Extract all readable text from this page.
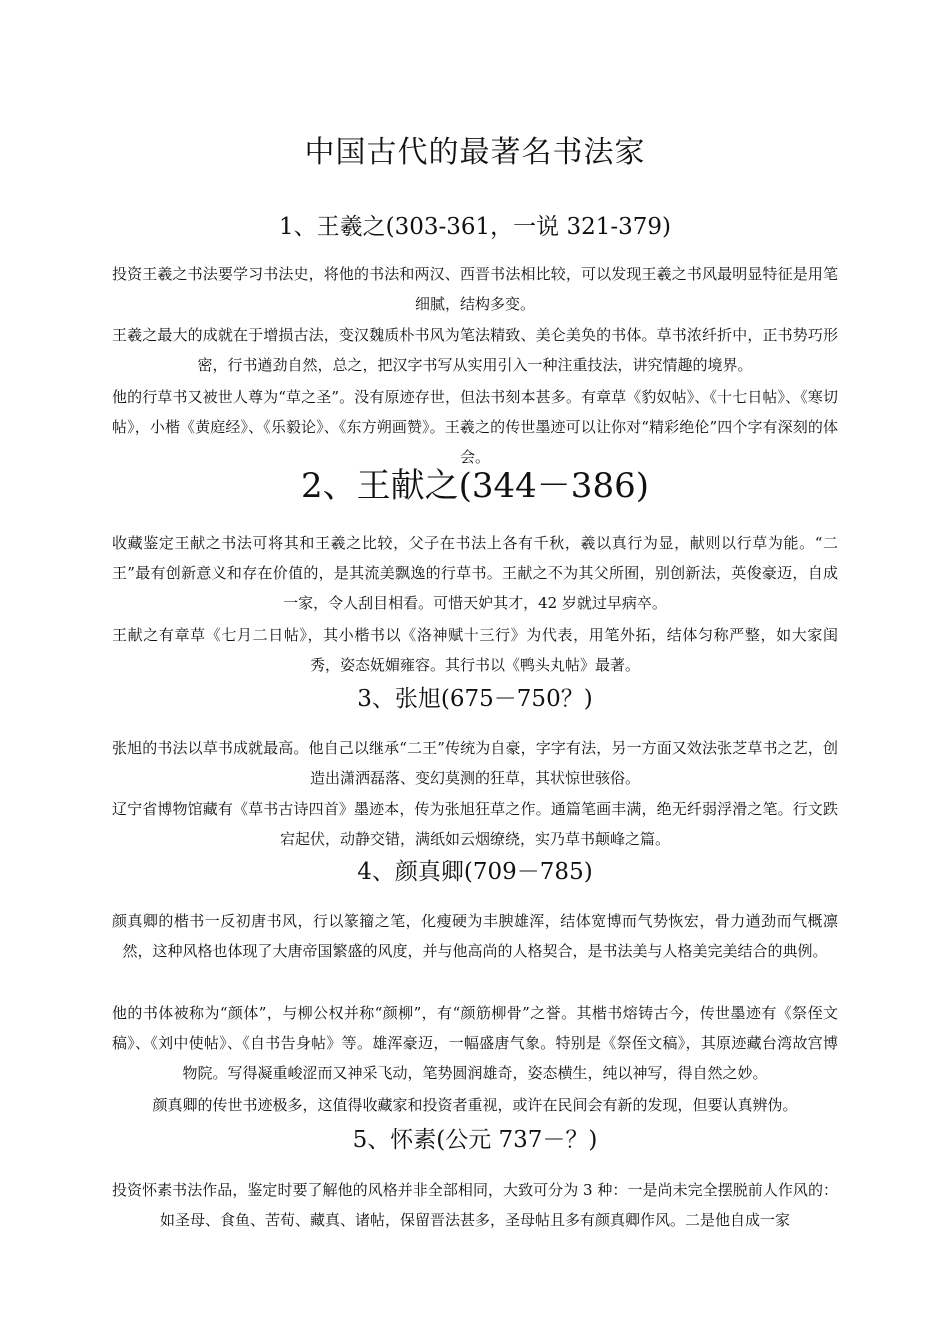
中国古代的最著名书法家
1、王羲之(303-361，一说 321-379)

投资王羲之书法要学习书法史，将他的书法和两汉、西晋书法相比较，可以发现王羲之书风最明显特征是用笔细腻，结构多变。

王羲之最大的成就在于增损古法，变汉魏质朴书风为笔法精致、美仑美奂的书体。草书浓纤折中，正书势巧形密，行书遒劲自然，总之，把汉字书写从实用引入一种注重技法，讲究情趣的境界。

他的行草书又被世人尊为“草之圣”。没有原迹存世，但法书刻本甚多。有章草《豹奴帖》、《十七日帖》、《寒切帖》，小楷《黄庭经》、《乐毅论》、《东方朔画赞》。王羲之的传世墨迹可以让你对“精彩绝伦”四个字有深刻的体会。

2、王献之(344－386)

收藏鉴定王献之书法可将其和王羲之比较，父子在书法上各有千秋，羲以真行为显，献则以行草为能。“二王”最有创新意义和存在价值的，是其流美飘逸的行草书。王献之不为其父所囿，别创新法，英俊豪迈，自成一家，令人刮目相看。可惜天妒其才，42 岁就过早病卒。

王献之有章草《七月二日帖》，其小楷书以《洛神赋十三行》为代表，用笔外拓，结体匀称严整，如大家闺秀，姿态妩媚雍容。其行书以《鸭头丸帖》最著。

3、张旭(675－750？)

张旭的书法以草书成就最高。他自己以继承“二王”传统为自豪，字字有法，另一方面又效法张芝草书之艺，创造出潇洒磊落、变幻莫测的狂草，其状惊世骇俗。

辽宁省博物馆藏有《草书古诗四首》墨迹本，传为张旭狂草之作。通篇笔画丰满，绝无纤弱浮滑之笔。行文跌宕起伏，动静交错，满纸如云烟缭绕，实乃草书颠峰之篇。

4、颜真卿(709－785)

颜真卿的楷书一反初唐书风，行以篆籀之笔，化瘦硬为丰腴雄浑，结体宽博而气势恢宏，骨力遒劲而气概凛然，这种风格也体现了大唐帝国繁盛的风度，并与他高尚的人格契合，是书法美与人格美完美结合的典例。

他的书体被称为“颜体”，与柳公权并称“颜柳”，有“颜筋柳骨”之誉。其楷书熔铸古今，传世墨迹有《祭侄文稿》、《刘中使帖》、《自书告身帖》等。雄浑豪迈，一幅盛唐气象。特别是《祭侄文稿》，其原迹藏台湾故宫博物院。写得凝重峻涩而又神采飞动，笔势圆润雄奇，姿态横生，纯以神写，得自然之妙。

颜真卿的传世书迹极多，这值得收藏家和投资者重视，或许在民间会有新的发现，但要认真辨伪。

5、怀素(公元 737－？)

投资怀素书法作品，鉴定时要了解他的风格并非全部相同，大致可分为 3 种：一是尚未完全摆脱前人作风的：如圣母、食鱼、苦荀、藏真、诸帖，保留晋法甚多，圣母帖且多有颜真卿作风。二是他自成一家
